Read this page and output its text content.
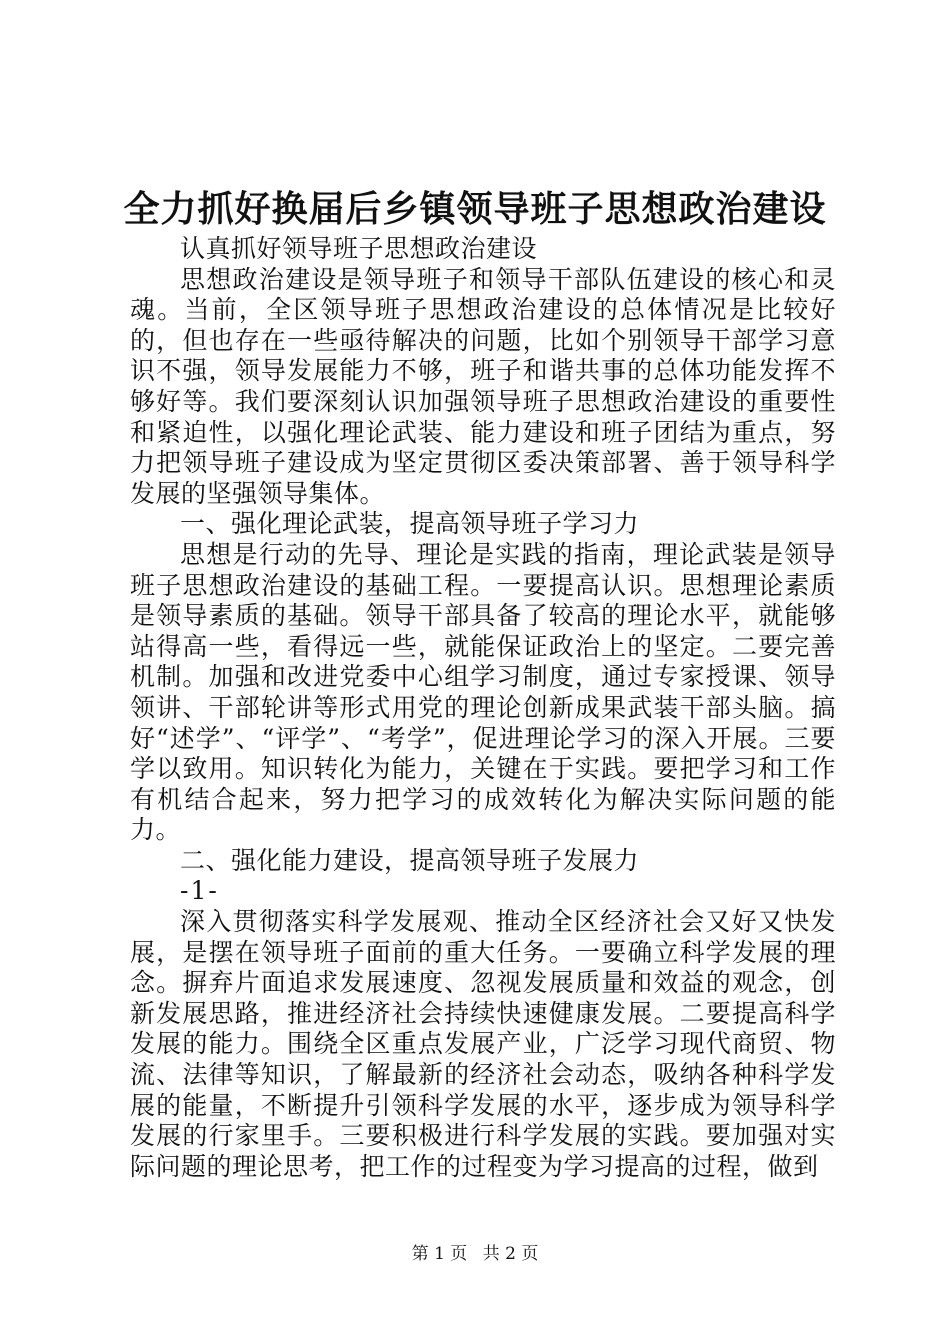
全力抓好换届后乡镇领导班子思想政治建设

认真抓好领导班子思想政治建设

思想政治建设是领导班子和领导干部队伍建设的核心和灵魂。当前，全区领导班子思想政治建设的总体情况是比较好的，但也存在一些亟待解决的问题，比如个别领导干部学习意识不强，领导发展能力不够，班子和谐共事的总体功能发挥不够好等。我们要深刻认识加强领导班子思想政治建设的重要性和紧迫性，以强化理论武装、能力建设和班子团结为重点，努力把领导班子建设成为坚定贯彻区委决策部署、善于领导科学发展的坚强领导集体。

一、强化理论武装，提高领导班子学习力

思想是行动的先导、理论是实践的指南，理论武装是领导班子思想政治建设的基础工程。一要提高认识。思想理论素质是领导素质的基础。领导干部具备了较高的理论水平，就能够站得高一些，看得远一些，就能保证政治上的坚定。二要完善机制。加强和改进党委中心组学习制度，通过专家授课、领导领讲、干部轮讲等形式用党的理论创新成果武装干部头脑。搞好“述学”、“评学”、“考学”，促进理论学习的深入开展。三要学以致用。知识转化为能力，关键在于实践。要把学习和工作有机结合起来，努力把学习的成效转化为解决实际问题的能力。

二、强化能力建设，提高领导班子发展力

-1-

深入贯彻落实科学发展观、推动全区经济社会又好又快发展，是摆在领导班子面前的重大任务。一要确立科学发展的理念。摒弃片面追求发展速度、忽视发展质量和效益的观念，创新发展思路，推进经济社会持续快速健康发展。二要提高科学发展的能力。围绕全区重点发展产业，广泛学习现代商贸、物流、法律等知识，了解最新的经济社会动态，吸纳各种科学发展的能量，不断提升引领科学发展的水平，逐步成为领导科学发展的行家里手。三要积极进行科学发展的实践。要加强对实际问题的理论思考，把工作的过程变为学习提高的过程，做到

第 1 页 共 2 页
